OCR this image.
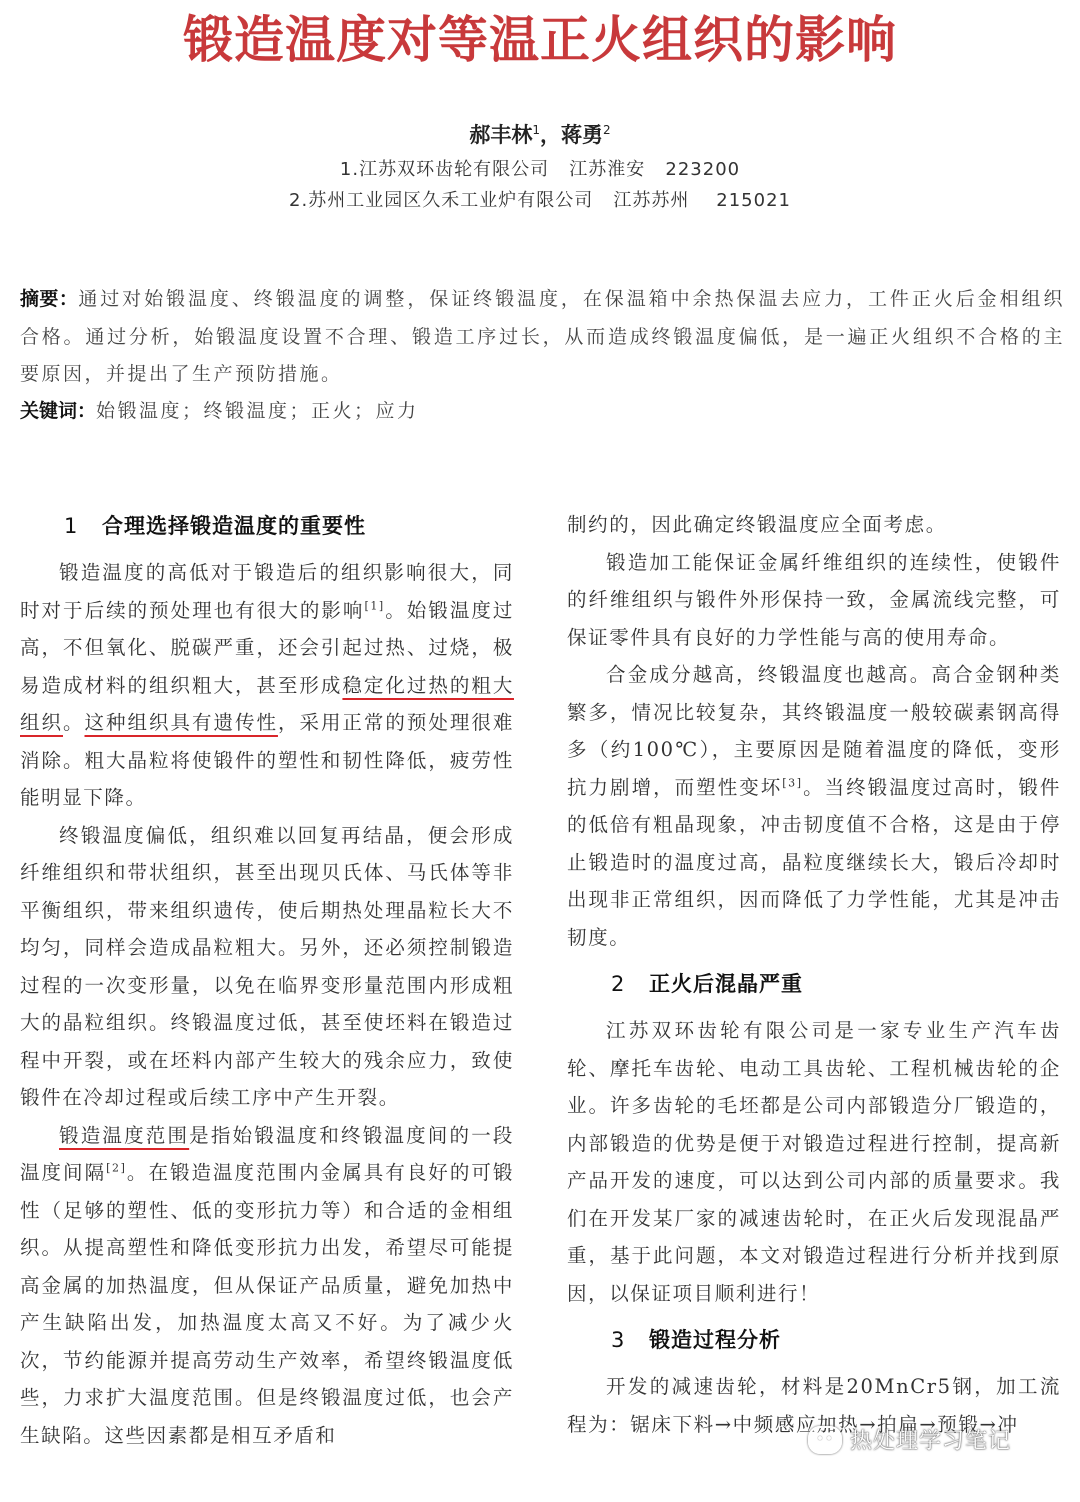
锻造温度对等温正火组织的影响
郝丰林$^1$，蒋勇$^2$
1.江苏双环齿轮有限公司   江苏淮安   223200
2.苏州工业园区久禾工业炉有限公司   江苏苏州    215021
摘要：通过对始锻温度、终锻温度的调整，保证终锻温度，在保温箱中余热保温去应力，工件正火后金相组织合格。通过分析，始锻温度设置不合理、锻造工序过长，从而造成终锻温度偏低，是一遍正火组织不合格的主要原因，并提出了生产预防措施。
关键词：始锻温度；终锻温度；正火；应力
1 合理选择锻造温度的重要性

锻造温度的高低对于锻造后的组织影响很大，同时对于后续的预处理也有很大的影响[1]。始锻温度过高，不但氧化、脱碳严重，还会引起过热、过烧，极易造成材料的组织粗大，甚至形成稳定化过热的粗大组织。这种组织具有遗传性，采用正常的预处理很难消除。粗大晶粒将使锻件的塑性和韧性降低，疲劳性能明显下降。

终锻温度偏低，组织难以回复再结晶，便会形成纤维组织和带状组织，甚至出现贝氏体、马氏体等非平衡组织，带来组织遗传，使后期热处理晶粒长大不均匀，同样会造成晶粒粗大。另外，还必须控制锻造过程的一次变形量，以免在临界变形量范围内形成粗大的晶粒组织。终锻温度过低，甚至使坯料在锻造过程中开裂，或在坯料内部产生较大的残余应力，致使锻件在冷却过程或后续工序中产生开裂。

锻造温度范围是指始锻温度和终锻温度间的一段温度间隔[2]。在锻造温度范围内金属具有良好的可锻性（足够的塑性、低的变形抗力等）和合适的金相组织。从提高塑性和降低变形抗力出发，希望尽可能提高金属的加热温度，但从保证产品质量，避免加热中产生缺陷出发，加热温度太高又不好。为了减少火次，节约能源并提高劳动生产效率，希望终锻温度低些，力求扩大温度范围。但是终锻温度过低，也会产生缺陷。这些因素都是相互矛盾和

制约的，因此确定终锻温度应全面考虑。

锻造加工能保证金属纤维组织的连续性，使锻件的纤维组织与锻件外形保持一致，金属流线完整，可保证零件具有良好的力学性能与高的使用寿命。

合金成分越高，终锻温度也越高。高合金钢种类繁多，情况比较复杂，其终锻温度一般较碳素钢高得多（约100℃），主要原因是随着温度的降低，变形抗力剧增，而塑性变坏[3]。当终锻温度过高时，锻件的低倍有粗晶现象，冲击韧度值不合格，这是由于停止锻造时的温度过高，晶粒度继续长大，锻后冷却时出现非正常组织，因而降低了力学性能，尤其是冲击韧度。

2 正火后混晶严重

江苏双环齿轮有限公司是一家专业生产汽车齿轮、摩托车齿轮、电动工具齿轮、工程机械齿轮的企业。许多齿轮的毛坯都是公司内部锻造分厂锻造的，内部锻造的优势是便于对锻造过程进行控制，提高新产品开发的速度，可以达到公司内部的质量要求。我们在开发某厂家的减速齿轮时，在正火后发现混晶严重，基于此问题，本文对锻造过程进行分析并找到原因，以保证项目顺利进行！

3 锻造过程分析

开发的减速齿轮，材料是20MnCr5钢，加工流程为：锯床下料→中频感应加热→拍扁→预锻→冲

热处理学习笔记
